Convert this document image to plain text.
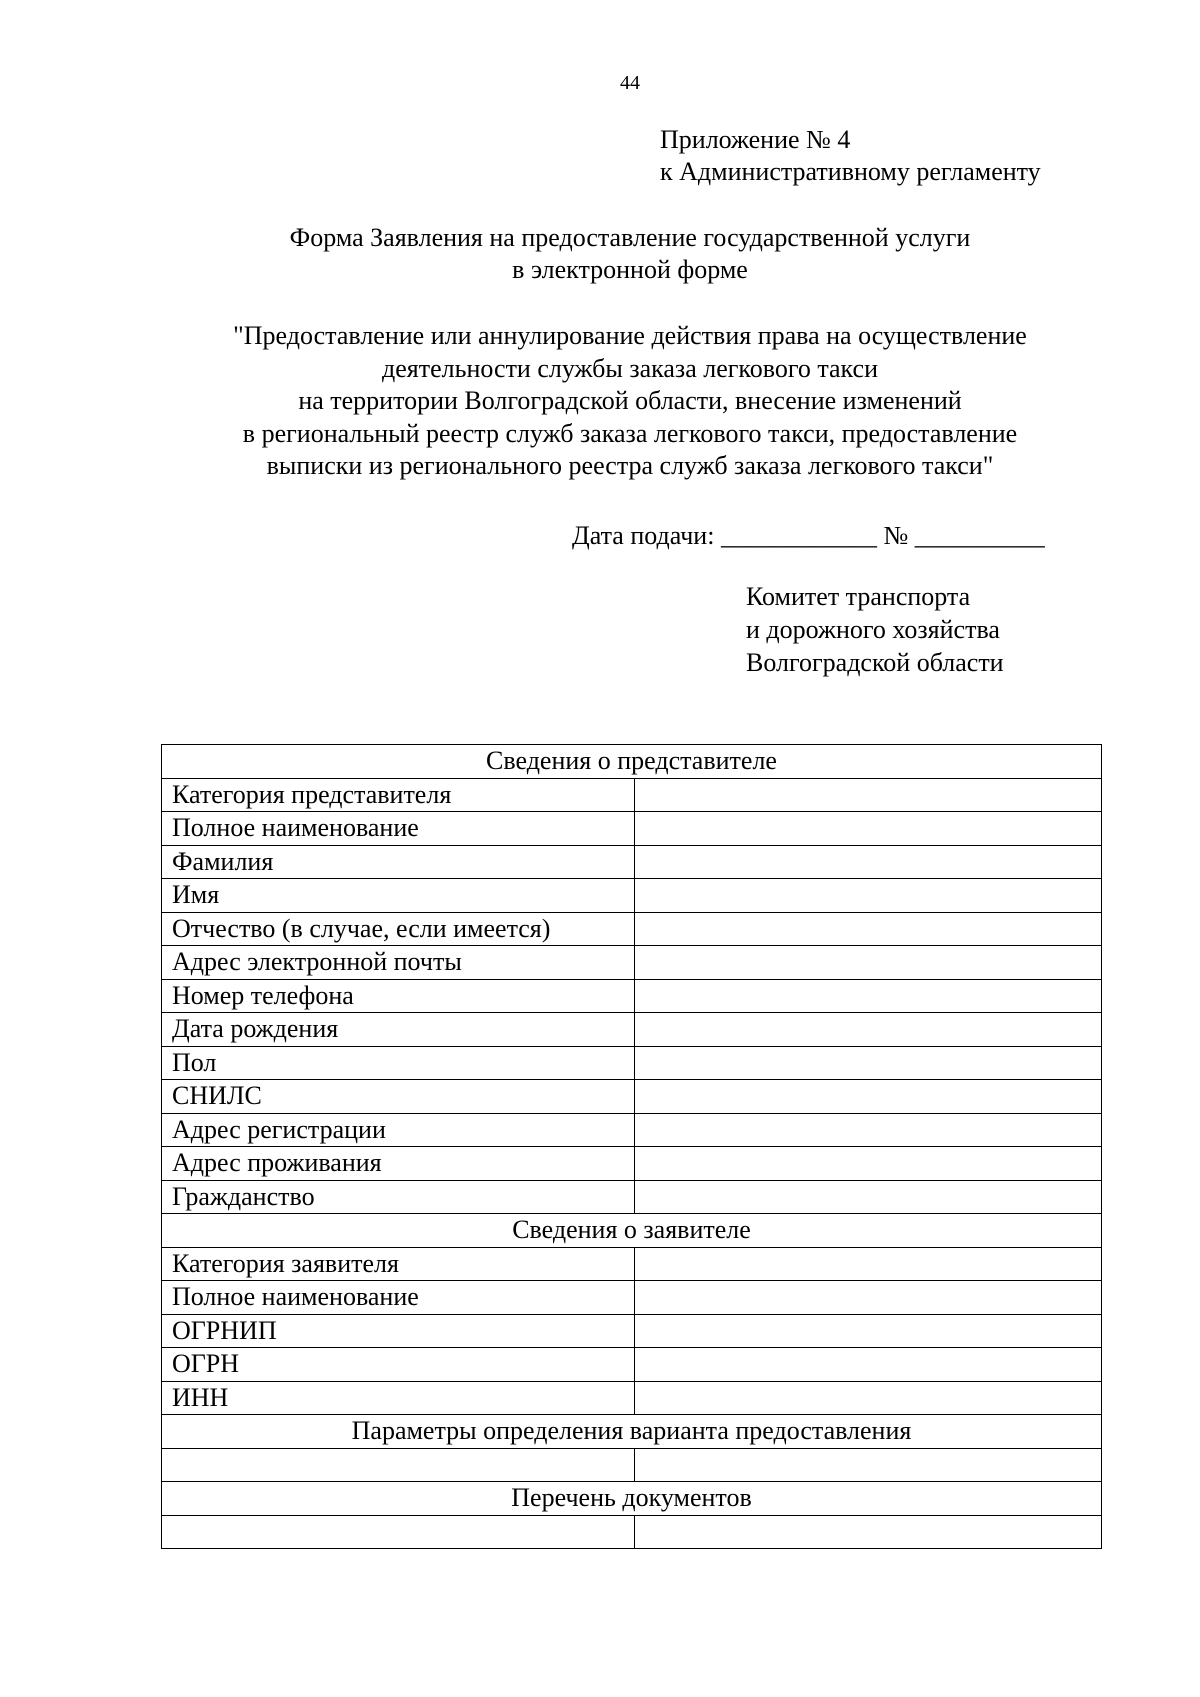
44
Приложение № 4
к Административному регламенту
Форма Заявления на предоставление государственной услуги
в электронной форме
"Предоставление или аннулирование действия права на осуществление
деятельности службы заказа легкового такси
на территории Волгоградской области, внесение изменений
в региональный реестр служб заказа легкового такси, предоставление
выписки из регионального реестра служб заказа легкового такси"
Дата подачи: ____________ № __________
Комитет транспорта
и дорожного хозяйства
Волгоградской области
Сведения о представителе	
Категория представителя	
Полное наименование	
Фамилия	
Имя	
Отчество (в случае, если имеется)	
Адрес электронной почты	
Номер телефона	
Дата рождения	
Пол	
СНИЛС	
Адрес регистрации	
Адрес проживания	
Гражданство	
Сведения о заявителе	
Категория заявителя	
Полное наименование	
ОГРНИП	
ОГРН	
ИНН	
Параметры определения варианта предоставления	

Перечень документов	
